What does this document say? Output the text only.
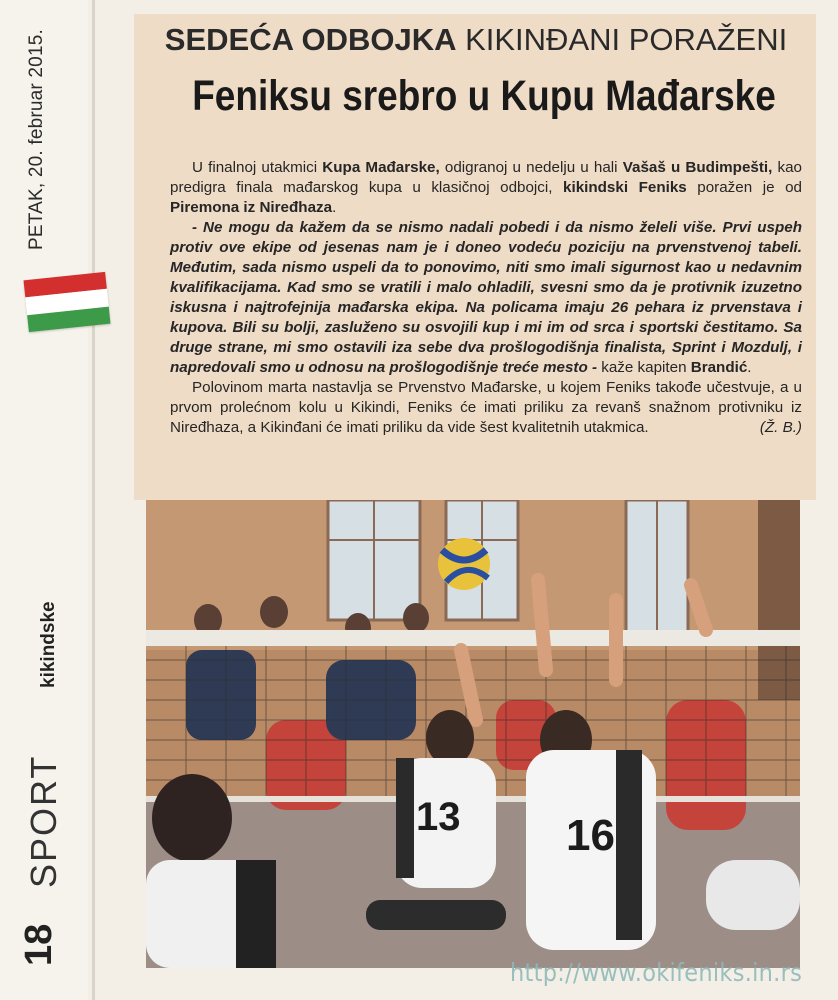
PETAK, 20. februar 2015.
kikindske
SPORT
18
SEDEĆA ODBOJKA KIKINĐANI PORAŽENI
Feniksu srebro u Kupu Mađarske

U finalnoj utakmici Kupa Mađarske, odigranoj u nedelju u hali Vašaš u Budimpešti, kao predigra finala mađarskog kupa u klasičnoj odbojci, kikindski Feniks poražen je od Piremona iz Nirеđhaza.

- Ne mogu da kažem da se nismo nadali pobedi i da nismo želeli više. Prvi uspeh protiv ove ekipe od jesenas nam je i doneo vodeću poziciju na prvenstvenoj tabeli. Međutim, sada nismo uspeli da to ponovimo, niti smo imali sigurnost kao u nedavnim kvalifikacijama. Kad smo se vratili i malo ohladili, svesni smo da je protivnik izuzetno iskusna i najtrofejnija mađarska ekipa. Na policama imaju 26 pehara iz prvenstava i kupova. Bili su bolji, zasluženo su osvojili kup i mi im od srca i sportski čestitamo. Sa druge strane, mi smo ostavili iza sebe dva prošlogodišnja finalista, Sprint i Mozdulj, i napredovali smo u odnosu na prošlogodišnje treće mesto - kaže kapiten Brandić.

Polovinom marta nastavlja se Prvenstvo Mađarske, u kojem Feniks takođe učestvuje, a u prvom prolećnom kolu u Kikindi, Feniks će imati priliku za revanš snažnom protivniku iz Nirеđhaza, a Kikinđani će imati priliku da vide šest kvalitetnih utakmica.	(Ž. B.)

13 16
http://www.okifeniks.in.rs
